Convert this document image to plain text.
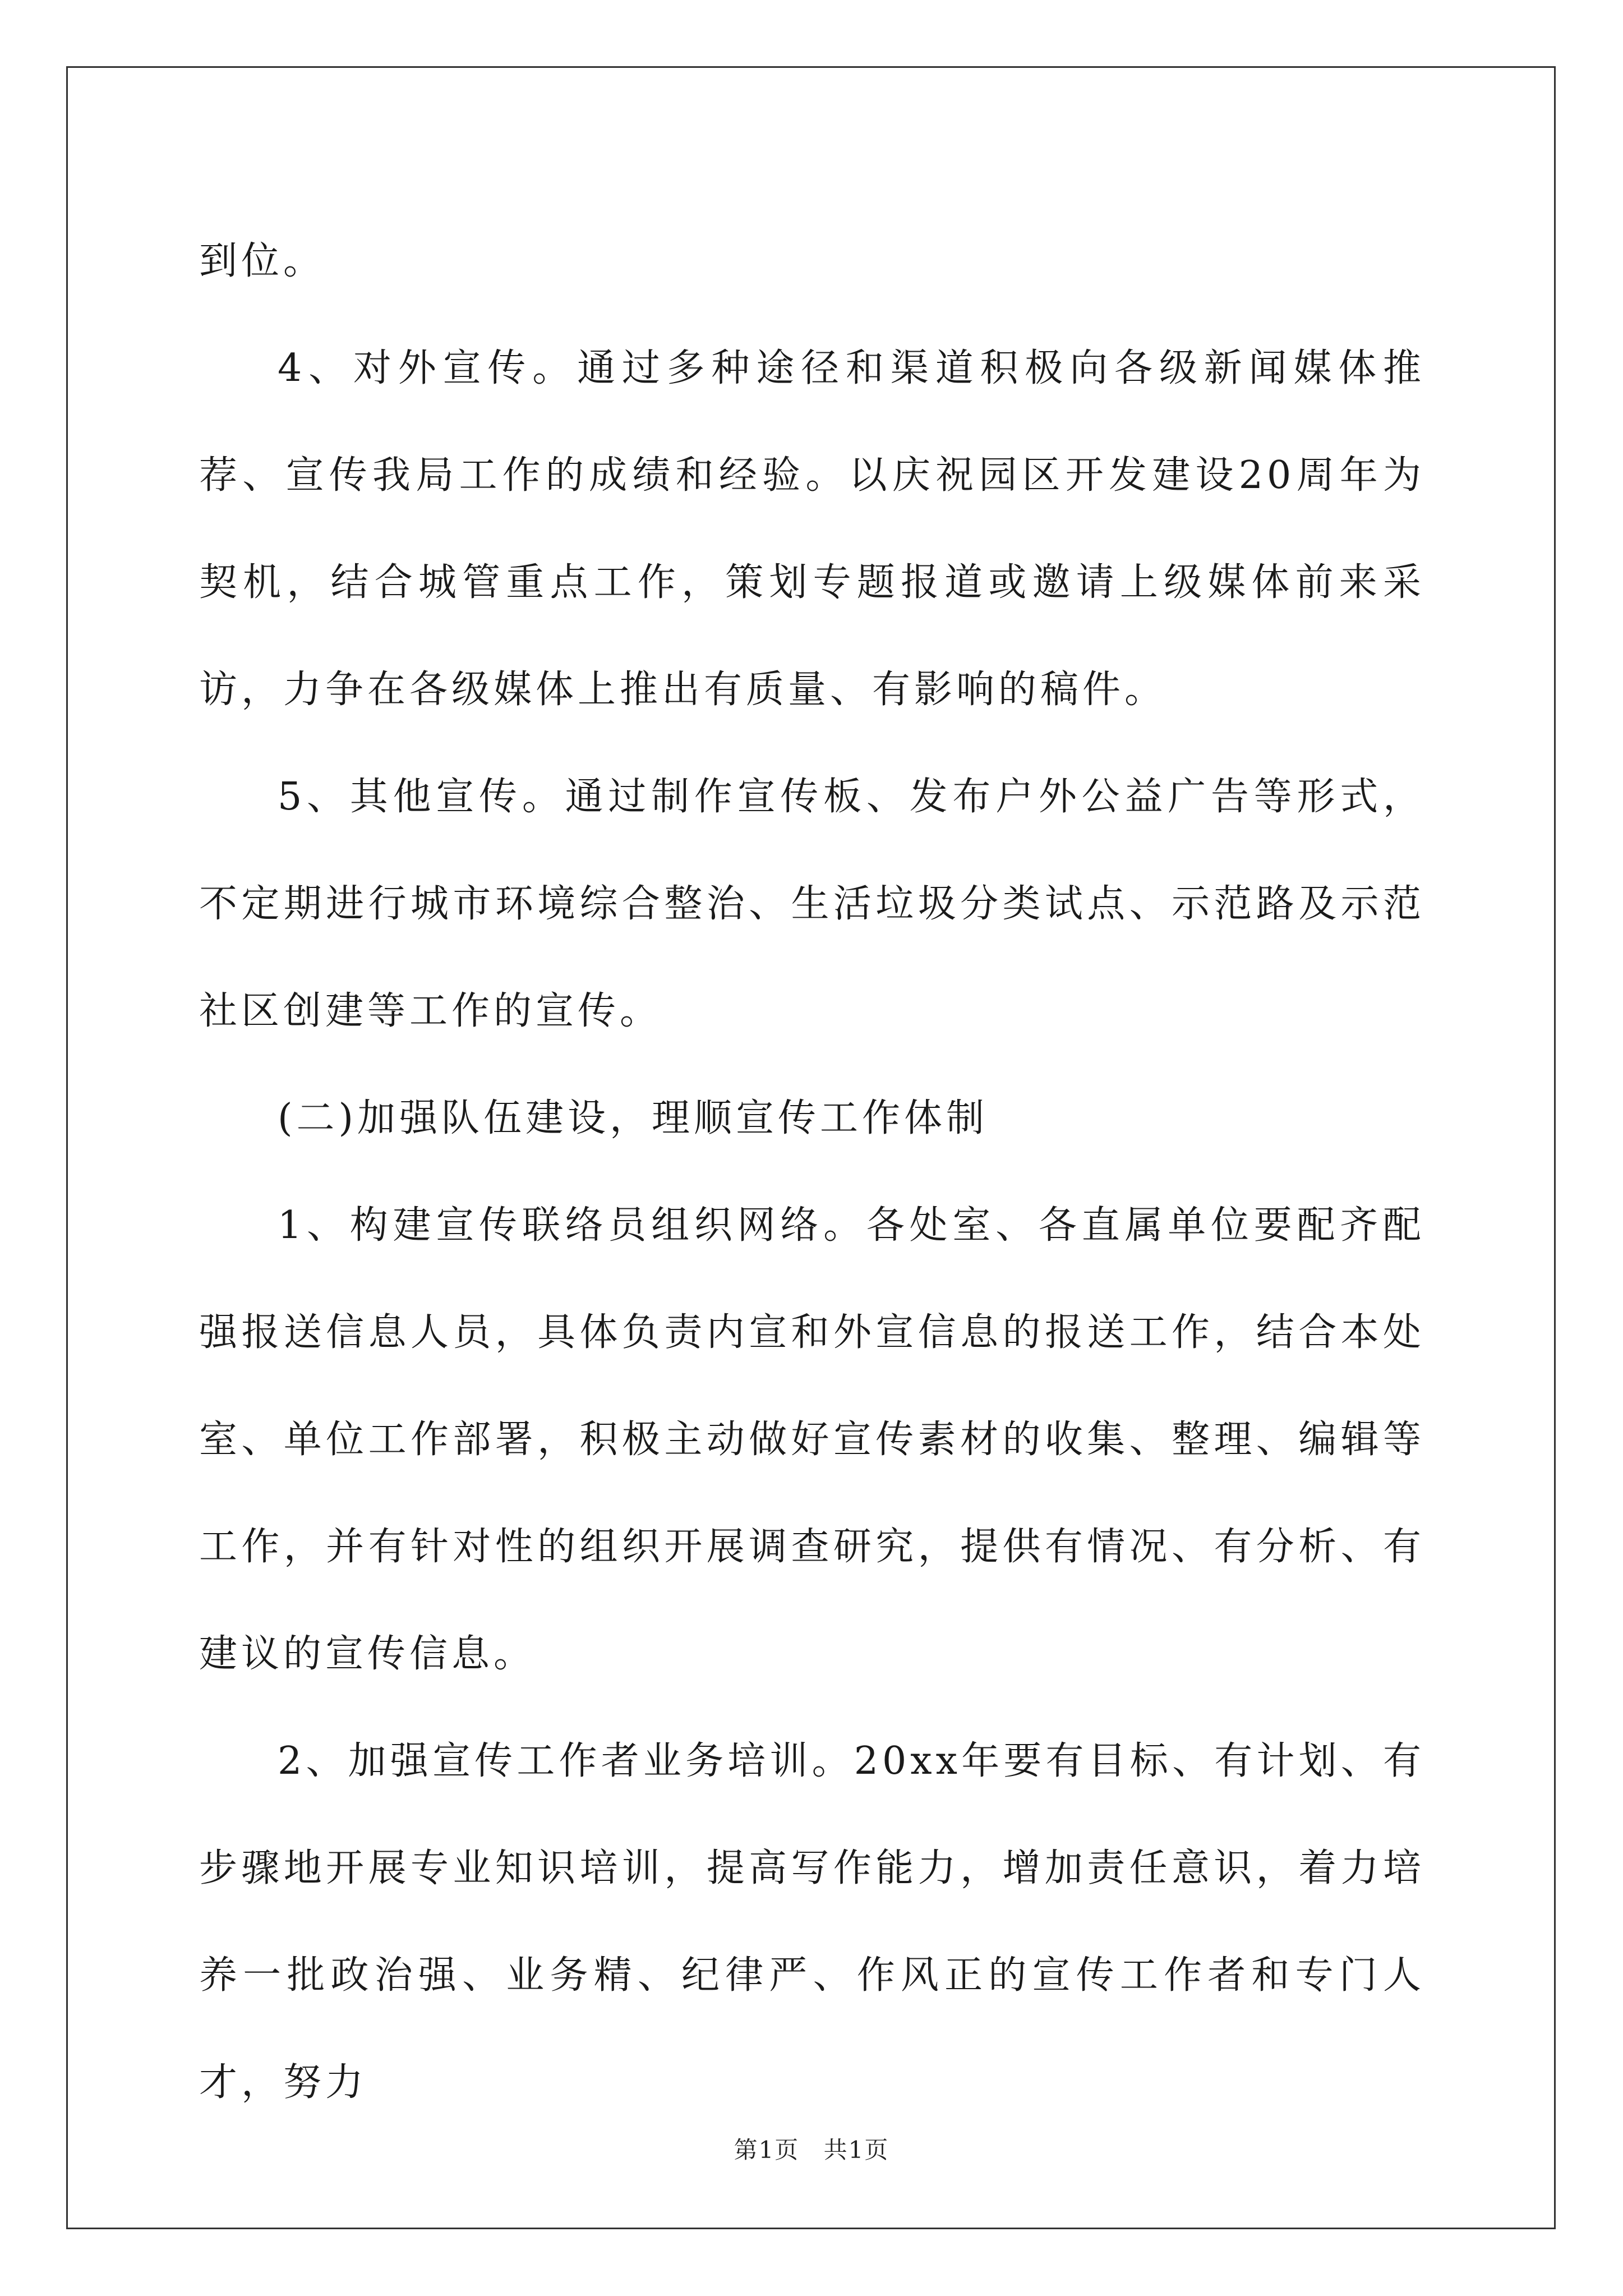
到位。

4、对外宣传。通过多种途径和渠道积极向各级新闻媒体推荐、宣传我局工作的成绩和经验。以庆祝园区开发建设20周年为契机，结合城管重点工作，策划专题报道或邀请上级媒体前来采访，力争在各级媒体上推出有质量、有影响的稿件。

5、其他宣传。通过制作宣传板、发布户外公益广告等形式，不定期进行城市环境综合整治、生活垃圾分类试点、示范路及示范社区创建等工作的宣传。

(二)加强队伍建设，理顺宣传工作体制

1、构建宣传联络员组织网络。各处室、各直属单位要配齐配强报送信息人员，具体负责内宣和外宣信息的报送工作，结合本处室、单位工作部署，积极主动做好宣传素材的收集、整理、编辑等工作，并有针对性的组织开展调查研究，提供有情况、有分析、有建议的宣传信息。

2、加强宣传工作者业务培训。20xx年要有目标、有计划、有步骤地开展专业知识培训，提高写作能力，增加责任意识，着力培养一批政治强、业务精、纪律严、作风正的宣传工作者和专门人才，努力

第1页 共1页
